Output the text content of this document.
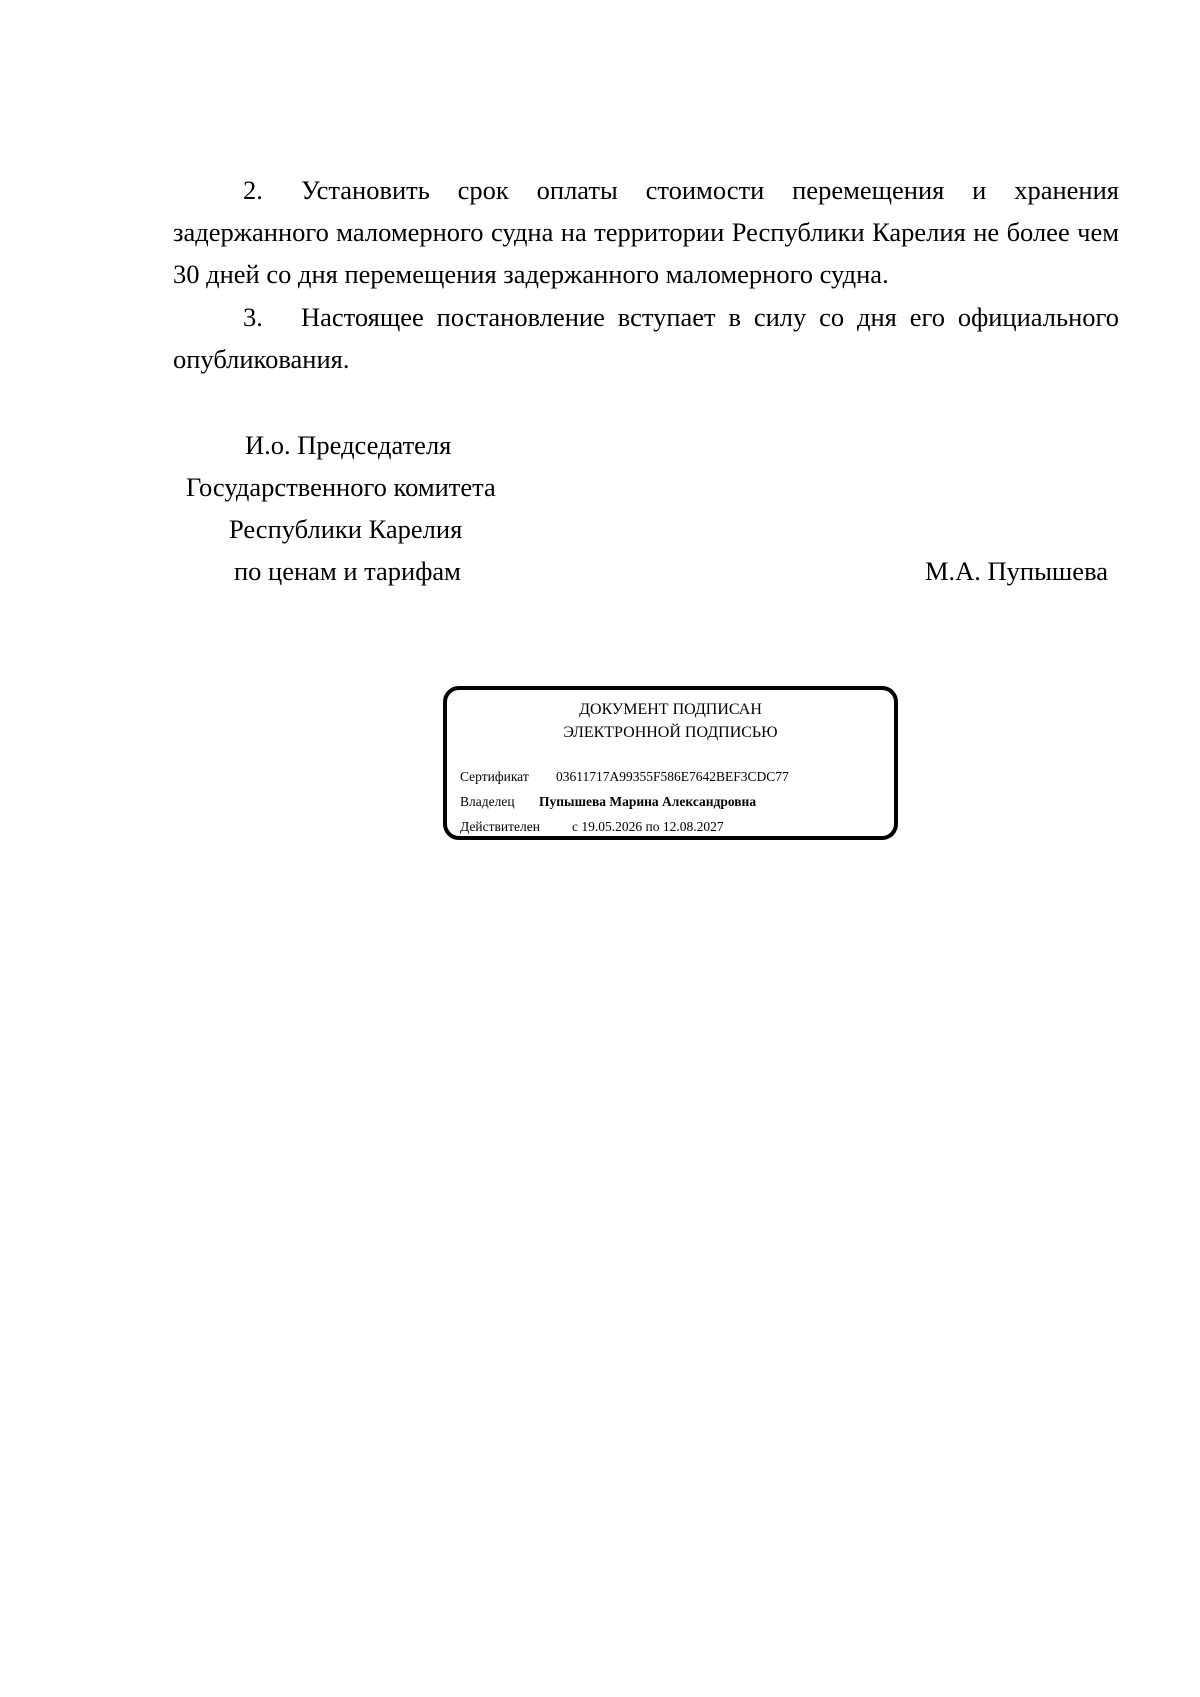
2. Установить срок оплаты стоимости перемещения и хранения задержанного маломерного судна на территории Республики Карелия не более чем 30 дней со дня перемещения задержанного маломерного судна.
3. Настоящее постановление вступает в силу со дня его официального опубликования.
И.о. Председателя
Государственного комитета
Республики Карелия
по ценам и тарифам	М.А. Пупышева
ДОКУМЕНТ ПОДПИСАН
ЭЛЕКТРОННОЙ ПОДПИСЬЮ
Сертификат 03611717A99355F586E7642BEF3CDC77
Владелец Пупышева Марина Александровна
Действителен с 19.05.2026 по 12.08.2027
